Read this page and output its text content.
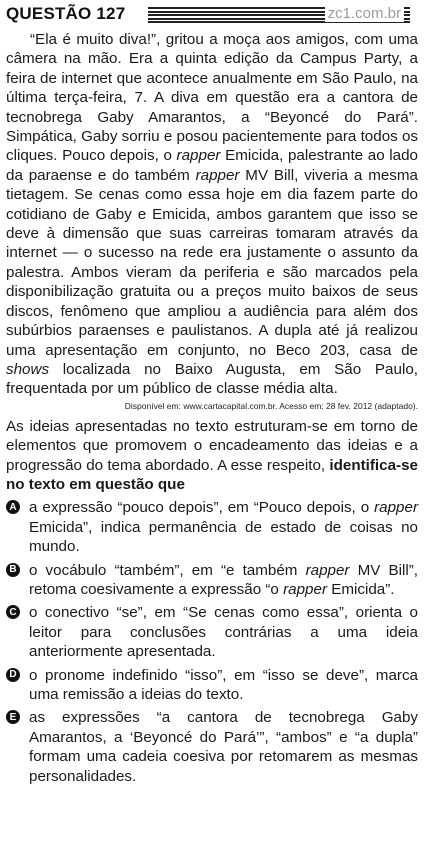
QUESTÃO 127	zc1.com.br
“Ela é muito diva!”, gritou a moça aos amigos, com uma câmera na mão. Era a quinta edição da Campus Party, a feira de internet que acontece anualmente em São Paulo, na última terça-feira, 7. A diva em questão era a cantora de tecnobrega Gaby Amarantos, a “Beyoncé do Pará”. Simpática, Gaby sorriu e posou pacientemente para todos os cliques. Pouco depois, o rapper Emicida, palestrante ao lado da paraense e do também rapper MV Bill, viveria a mesma tietagem. Se cenas como essa hoje em dia fazem parte do cotidiano de Gaby e Emicida, ambos garantem que isso se deve à dimensão que suas carreiras tomaram através da internet — o sucesso na rede era justamente o assunto da palestra. Ambos vieram da periferia e são marcados pela disponibilização gratuita ou a preços muito baixos de seus discos, fenômeno que ampliou a audiência para além dos subúrbios paraenses e paulistanos. A dupla até já realizou uma apresentação em conjunto, no Beco 203, casa de shows localizada no Baixo Augusta, em São Paulo, frequentada por um público de classe média alta.
Disponível em: www.cartacapital.com.br. Acesso em: 28 fev. 2012 (adaptado).
As ideias apresentadas no texto estruturam-se em torno de elementos que promovem o encadeamento das ideias e a progressão do tema abordado. A esse respeito, identifica-se no texto em questão que
A a expressão “pouco depois”, em “Pouco depois, o rapper Emicida”, indica permanência de estado de coisas no mundo.
B o vocábulo “também”, em “e também rapper MV Bill”, retoma coesivamente a expressão “o rapper Emicida”.
C o conectivo “se”, em “Se cenas como essa”, orienta o leitor para conclusões contrárias a uma ideia anteriormente apresentada.
D o pronome indefinido “isso”, em “isso se deve”, marca uma remissão a ideias do texto.
E as expressões “a cantora de tecnobrega Gaby Amarantos, a ‘Beyoncé do Pará’”, “ambos” e “a dupla” formam uma cadeia coesiva por retomarem as mesmas personalidades.
